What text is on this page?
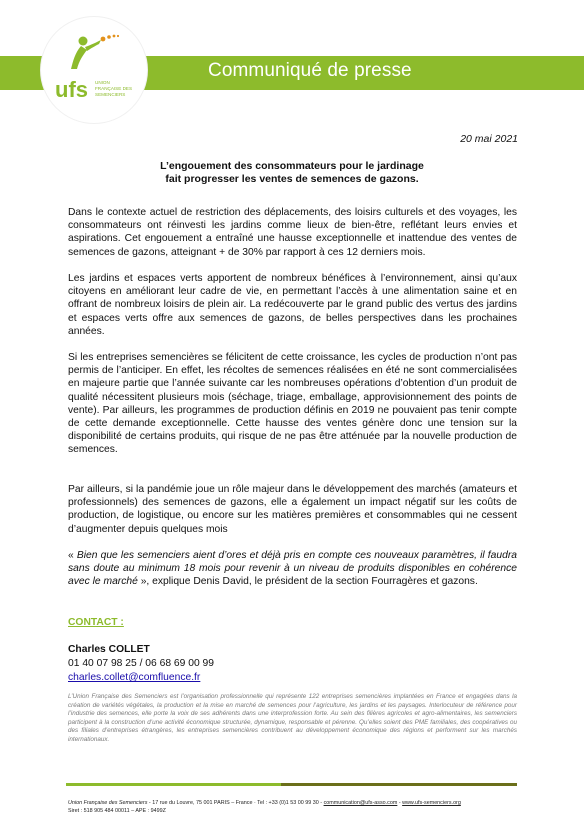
Communiqué de presse
ufs UNION
FRANÇAISE DES
SEMENCIERS
20 mai 2021
L’engouement des consommateurs pour le jardinage
fait progresser les ventes de semences de gazons.

Dans le contexte actuel de restriction des déplacements, des loisirs culturels et des voyages, les consommateurs ont réinvesti les jardins comme lieux de bien-être, reflétant leurs envies et aspirations. Cet engouement a entraîné une hausse exceptionnelle et inattendue des ventes de semences de gazons, atteignant + de 30% par rapport à ces 12 derniers mois.

Les jardins et espaces verts apportent de nombreux bénéfices à l’environnement, ainsi qu’aux citoyens en améliorant leur cadre de vie, en permettant l’accès à une alimentation saine et en offrant de nombreux loisirs de plein air. La redécouverte par le grand public des vertus des jardins et espaces verts offre aux semences de gazons, de belles perspectives dans les prochaines années.

Si les entreprises semencières se félicitent de cette croissance, les cycles de production n’ont pas permis de l’anticiper. En effet, les récoltes de semences réalisées en été ne sont commercialisées en majeure partie que l’année suivante car les nombreuses opérations d’obtention d’un produit de qualité nécessitent plusieurs mois (séchage, triage, emballage, approvisionnement des points de vente). Par ailleurs, les programmes de production définis en 2019 ne pouvaient pas tenir compte de cette demande exceptionnelle. Cette hausse des ventes génère donc une tension sur la disponibilité de certains produits, qui risque de ne pas être atténuée par la nouvelle production de semences.

Par ailleurs, si la pandémie joue un rôle majeur dans le développement des marchés (amateurs et professionnels) des semences de gazons, elle a également un impact négatif sur les coûts de production, de logistique, ou encore sur les matières premières et consommables qui ne cessent d’augmenter depuis quelques mois

« Bien que les semenciers aient d’ores et déjà pris en compte ces nouveaux paramètres, il faudra sans doute au minimum 18 mois pour revenir à un niveau de produits disponibles en cohérence avec le marché », explique Denis David, le président de la section Fourragères et gazons.

CONTACT :
Charles COLLET
01 40 07 98 25 / 06 68 69 00 99
charles.collet@comfluence.fr

L’Union Française des Semenciers est l’organisation professionnelle qui représente 122 entreprises semencières implantées en France et engagées dans la création de variétés végétales, la production et la mise en marché de semences pour l’agriculture, les jardins et les paysages. Interlocuteur de référence pour l’industrie des semences, elle porte la voix de ses adhérents dans une interprofession forte. Au sein des filières agricoles et agro-alimentaires, les semenciers participent à la construction d’une activité économique structurée, dynamique, responsable et pérenne. Qu’elles soient des PME familiales, des coopératives ou des filiales d’entreprises étrangères, les entreprises semencières contribuent au développement économique des régions et performent sur les marchés internationaux.

Union Française des Semenciers - 17 rue du Louvre, 75 001 PARIS – France · Tel : +33 (0)1 53 00 99 30 - communication@ufs-asso.com - www.ufs-semenciers.org
Siret : 518 905 484 00011 – APE : 9499Z
